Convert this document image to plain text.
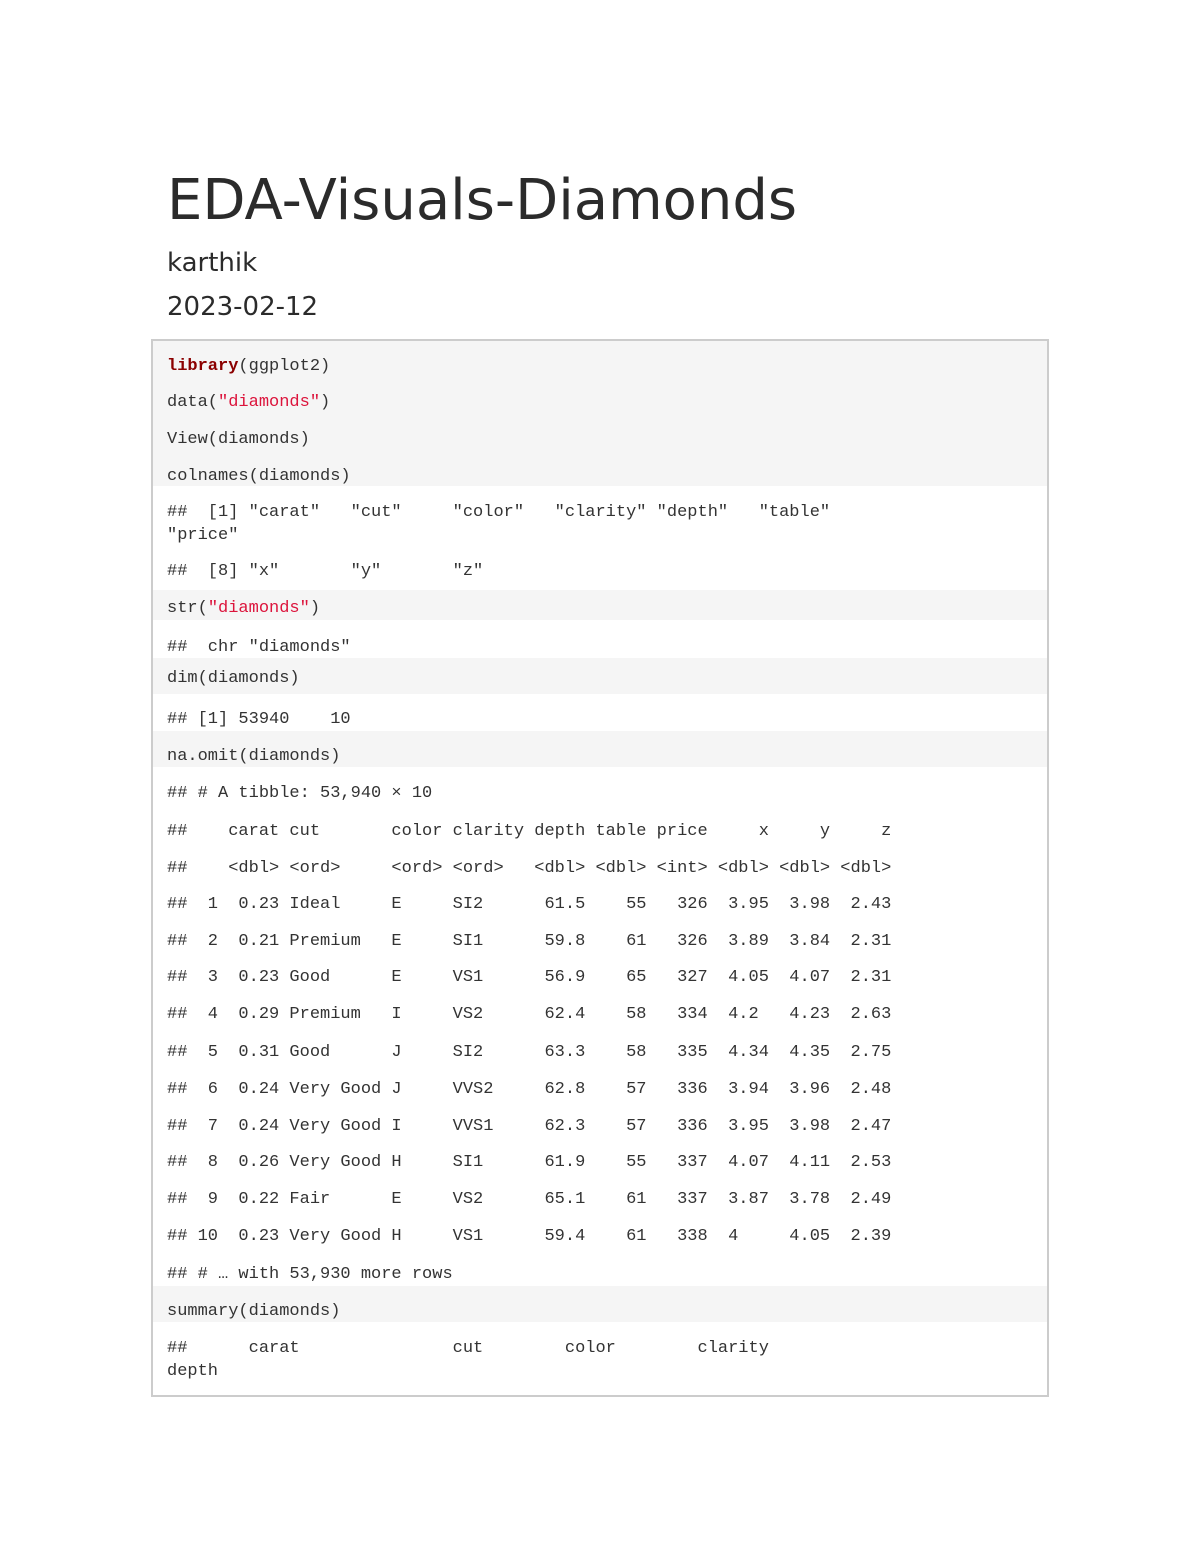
EDA-Visuals-Diamonds
karthik
2023-02-12
library(ggplot2)
data("diamonds")
View(diamonds)
colnames(diamonds)
##  [1] "carat"   "cut"     "color"   "clarity" "depth"   "table"
"price"
##  [8] "x"       "y"       "z"
str("diamonds")
##  chr "diamonds"
dim(diamonds)
## [1] 53940    10
na.omit(diamonds)
## # A tibble: 53,940 × 10
##    carat cut       color clarity depth table price     x     y     z
##    <dbl> <ord>     <ord> <ord>   <dbl> <dbl> <int> <dbl> <dbl> <dbl>
##  1  0.23 Ideal     E     SI2      61.5    55   326  3.95  3.98  2.43
##  2  0.21 Premium   E     SI1      59.8    61   326  3.89  3.84  2.31
##  3  0.23 Good      E     VS1      56.9    65   327  4.05  4.07  2.31
##  4  0.29 Premium   I     VS2      62.4    58   334  4.2   4.23  2.63
##  5  0.31 Good      J     SI2      63.3    58   335  4.34  4.35  2.75
##  6  0.24 Very Good J     VVS2     62.8    57   336  3.94  3.96  2.48
##  7  0.24 Very Good I     VVS1     62.3    57   336  3.95  3.98  2.47
##  8  0.26 Very Good H     SI1      61.9    55   337  4.07  4.11  2.53
##  9  0.22 Fair      E     VS2      65.1    61   337  3.87  3.78  2.49
## 10  0.23 Very Good H     VS1      59.4    61   338  4     4.05  2.39
## # … with 53,930 more rows
summary(diamonds)
##      carat               cut        color        clarity
depth
